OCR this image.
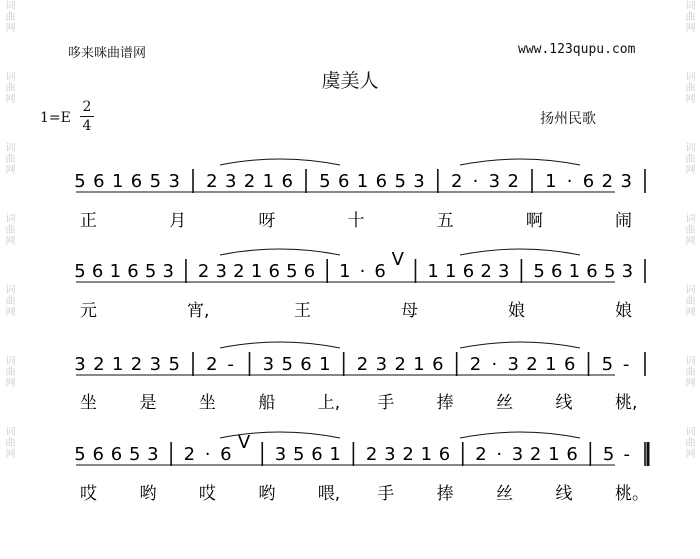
词曲网
词曲网
词曲网
词曲网
词曲网
词曲网
词曲网
词曲网
词曲网
词曲网
词曲网
词曲网
词曲网
词曲网
哆来咪曲谱网	www.123qupu.com
虞美人
1=E
2
4	扬州民歌
5 6 1 6 5 3 2 3 2 1 6 5 6 1 6 5 3 2 · 3 2 1 · 6 2 3
正	月	呀	十	五	啊	闹
5 6 1 6 5 3 2 3 2 1 6 5 6 1 · 6
V
1 1 6 2 3 5 6 1 6 5 3
元	宵,	王	母	娘	娘
3 2 1 2 3 5 2 - 3 5 6 1 2 3 2 1 6 2 · 3 2 1 6 5 -
坐 是 坐 船 上, 手 捧 丝 线 桃,
5 6 6 5 3 2 · 6
V
3 5 6 1 2 3 2 1 6 2 · 3 2 1 6 5 -
哎 哟 哎 哟 喂, 手 捧 丝 线 桃。
